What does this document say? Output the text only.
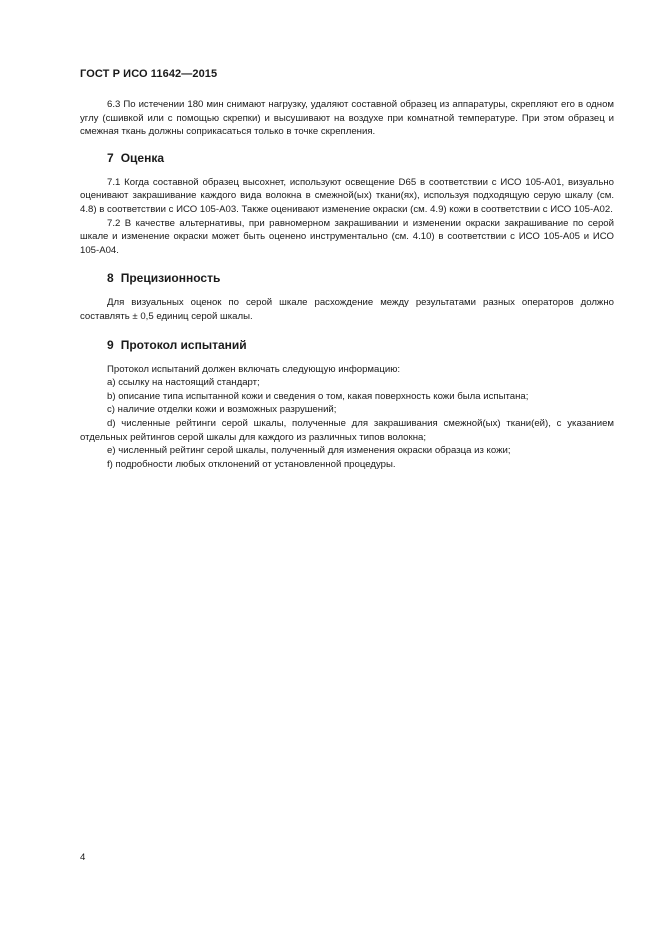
ГОСТ Р ИСО 11642—2015

6.3 По истечении 180 мин снимают нагрузку, удаляют составной образец из аппаратуры, скрепляют его в одном углу (сшивкой или с помощью скрепки) и высушивают на воздухе при комнатной температуре. При этом образец и смежная ткань должны соприкасаться только в точке скрепления.

7 Оценка

7.1 Когда составной образец высохнет, используют освещение D65 в соответствии с ИСО 105-A01, визуально оценивают закрашивание каждого вида волокна в смежной(ых) ткани(ях), используя подходящую серую шкалу (см. 4.8) в соответствии с ИСО 105-A03. Также оценивают изменение окраски (см. 4.9) кожи в соответствии с ИСО 105-A02.

7.2 В качестве альтернативы, при равномерном закрашивании и изменении окраски закрашивание по серой шкале и изменение окраски может быть оценено инструментально (см. 4.10) в соответствии с ИСО 105-A05 и ИСО 105-A04.

8 Прецизионность

Для визуальных оценок по серой шкале расхождение между результатами разных операторов должно составлять ± 0,5 единиц серой шкалы.

9 Протокол испытаний

Протокол испытаний должен включать следующую информацию:

a) ссылку на настоящий стандарт;
b) описание типа испытанной кожи и сведения о том, какая поверхность кожи была испытана;
c) наличие отделки кожи и возможных разрушений;
d) численные рейтинги серой шкалы, полученные для закрашивания смежной(ых) ткани(ей), с указанием отдельных рейтингов серой шкалы для каждого из различных типов волокна;
e) численный рейтинг серой шкалы, полученный для изменения окраски образца из кожи;
f) подробности любых отклонений от установленной процедуры.
4
